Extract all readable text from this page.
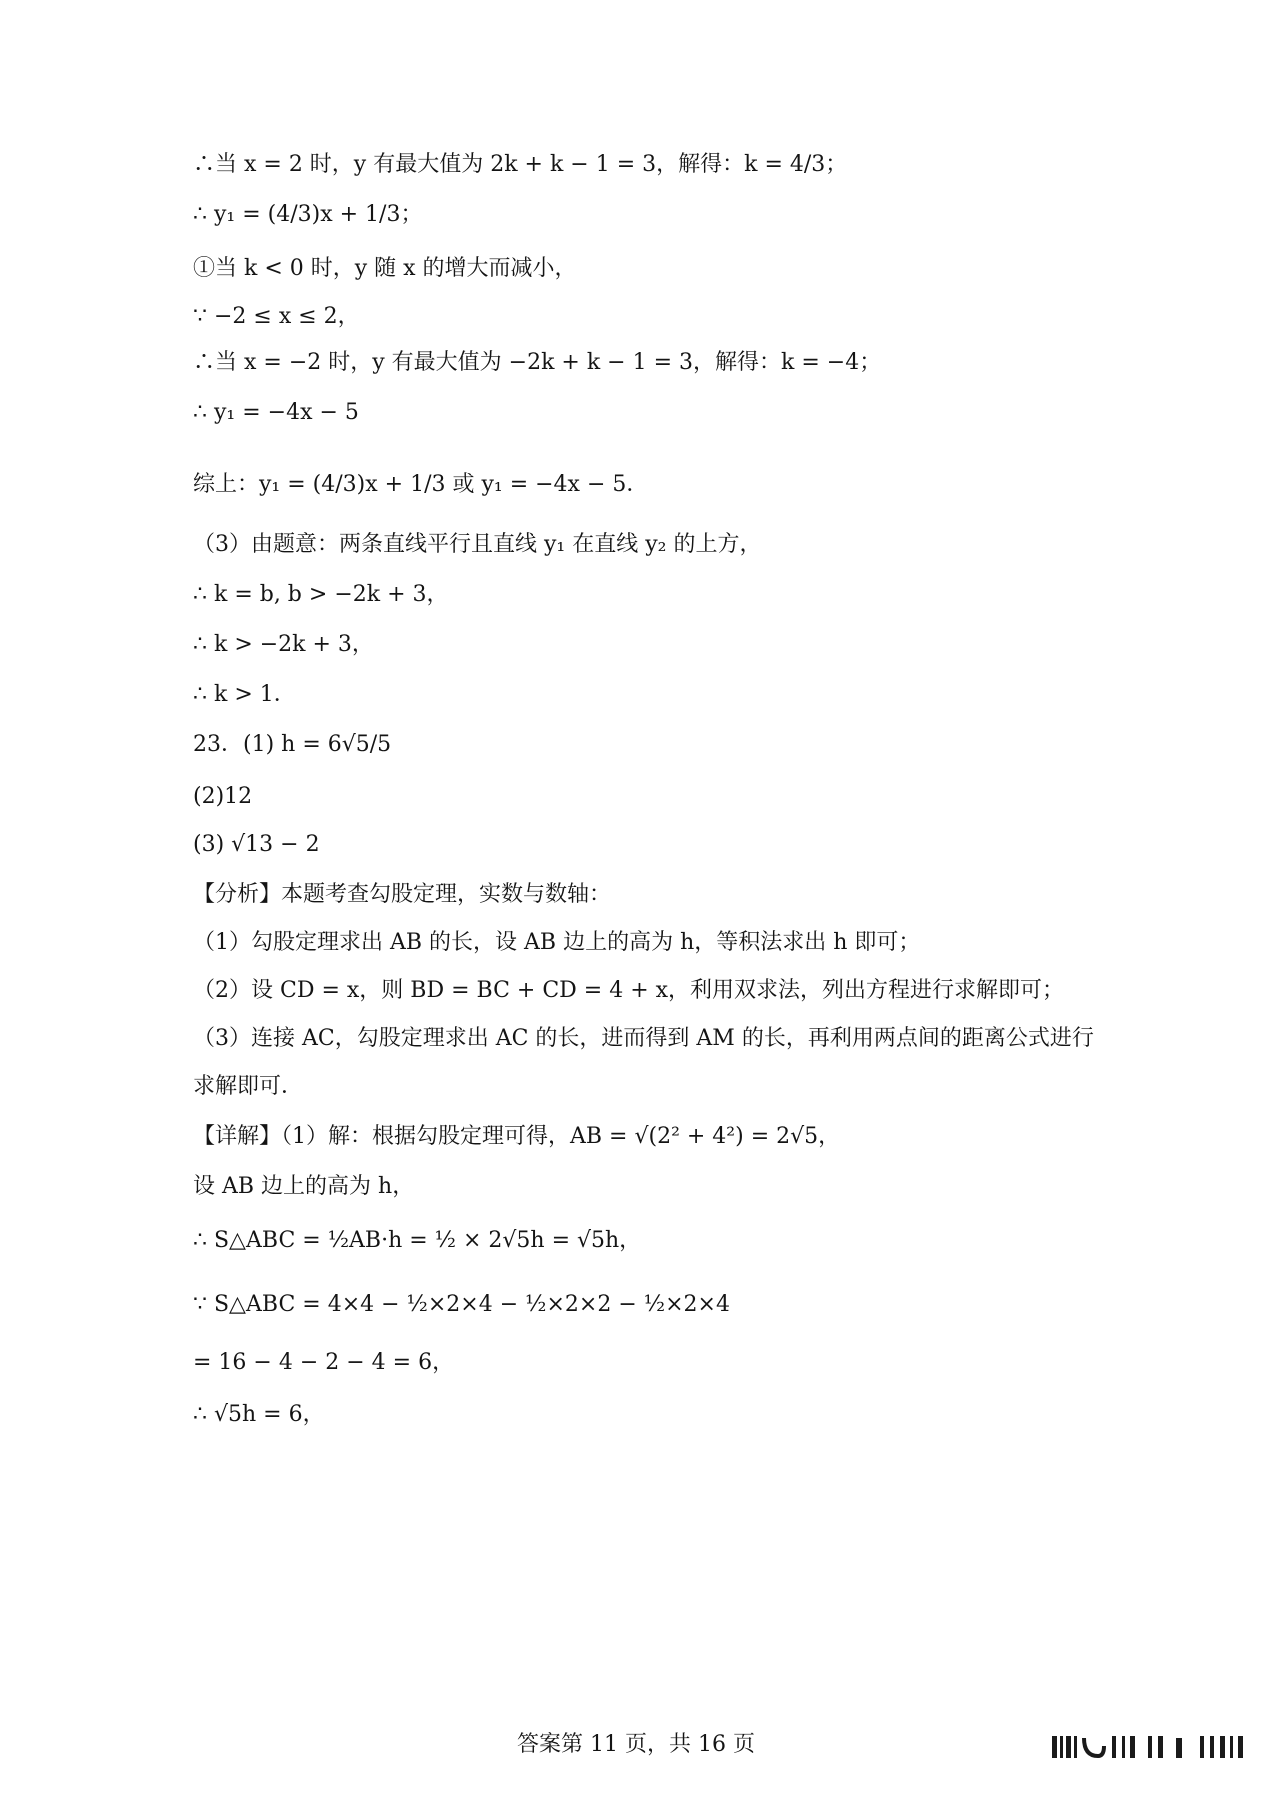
∴当 x = 2 时，y 有最大值为 2k + k − 1 = 3，解得：k = 4/3；
∴ y₁ = (4/3)x + 1/3；
①当 k < 0 时，y 随 x 的增大而减小，
∵ −2 ≤ x ≤ 2，
∴当 x = −2 时，y 有最大值为 −2k + k − 1 = 3，解得：k = −4；
∴ y₁ = −4x − 5
综上：y₁ = (4/3)x + 1/3 或 y₁ = −4x − 5．
（3）由题意：两条直线平行且直线 y₁ 在直线 y₂ 的上方，
∴ k = b, b > −2k + 3，
∴ k > −2k + 3，
∴ k > 1．
23．(1) h = 6√5/5
(2)12
(3) √13 − 2
【分析】本题考查勾股定理，实数与数轴：
（1）勾股定理求出 AB 的长，设 AB 边上的高为 h，等积法求出 h 即可；
（2）设 CD = x，则 BD = BC + CD = 4 + x，利用双求法，列出方程进行求解即可；
（3）连接 AC，勾股定理求出 AC 的长，进而得到 AM 的长，再利用两点间的距离公式进行
求解即可．
【详解】（1）解：根据勾股定理可得，AB = √(2² + 4²) = 2√5，
设 AB 边上的高为 h，
∴ S△ABC = ½AB·h = ½ × 2√5h = √5h，
∵ S△ABC = 4×4 − ½×2×4 − ½×2×2 − ½×2×4
= 16 − 4 − 2 − 4 = 6，
∴ √5h = 6，
答案第 11 页，共 16 页
